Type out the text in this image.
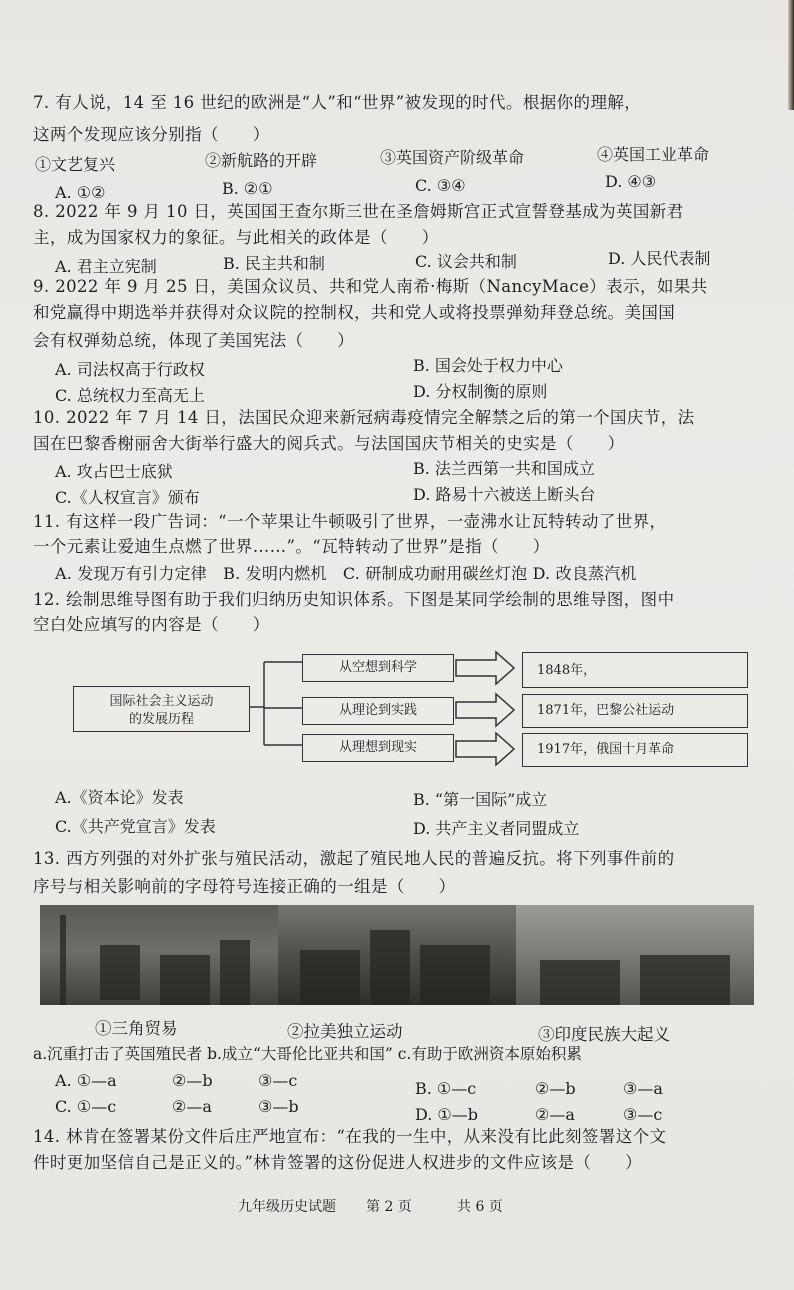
7. 有人说，14 至 16 世纪的欧洲是“人”和“世界”被发现的时代。根据你的理解，
这两个发现应该分别指（　　）
①文艺复兴	②新航路的开辟	③英国资产阶级革命	④英国工业革命
A. ①②	B. ②①	C. ③④	D. ④③
8. 2022 年 9 月 10 日，英国国王查尔斯三世在圣詹姆斯宫正式宣誓登基成为英国新君
主，成为国家权力的象征。与此相关的政体是（　　）
A. 君主立宪制	B. 民主共和制	C. 议会共和制	D. 人民代表制
9. 2022 年 9 月 25 日，美国众议员、共和党人南希·梅斯（NancyMace）表示，如果共
和党赢得中期选举并获得对众议院的控制权，共和党人或将投票弹劾拜登总统。美国国
会有权弹劾总统，体现了美国宪法（　　）
A. 司法权高于行政权	B. 国会处于权力中心
C. 总统权力至高无上	D. 分权制衡的原则
10. 2022 年 7 月 14 日，法国民众迎来新冠病毒疫情完全解禁之后的第一个国庆节，法
国在巴黎香榭丽舍大街举行盛大的阅兵式。与法国国庆节相关的史实是（　　）
A. 攻占巴士底狱	B. 法兰西第一共和国成立
C.《人权宣言》颁布	D. 路易十六被送上断头台
11. 有这样一段广告词：“一个苹果让牛顿吸引了世界，一壶沸水让瓦特转动了世界，
一个元素让爱迪生点燃了世界……”。“瓦特转动了世界”是指（　　）
A. 发现万有引力定律　B. 发明内燃机　C. 研制成功耐用碳丝灯泡 D. 改良蒸汽机
12. 绘制思维导图有助于我们归纳历史知识体系。下图是某同学绘制的思维导图，图中
空白处应填写的内容是（　　）
国际社会主义运动
的发展历程
从空想到科学
从理论到实践
从理想到现实
1848年，
1871年，巴黎公社运动
1917年，俄国十月革命
A.《资本论》发表	B. “第一国际”成立
C.《共产党宣言》发表	D. 共产主义者同盟成立
13. 西方列强的对外扩张与殖民活动，激起了殖民地人民的普遍反抗。将下列事件前的
序号与相关影响前的字母符号连接正确的一组是（　　）
①三角贸易	②拉美独立运动	③印度民族大起义
a.沉重打击了英国殖民者 b.成立“大哥伦比亚共和国” c.有助于欧洲资本原始积累
A. ①—a	②—b	③—c	B. ①—c	②—b	③—a
C. ①—c	②—a	③—b	D. ①—b	②—a	③—c
14. 林肯在签署某份文件后庄严地宣布：“在我的一生中，从来没有比此刻签署这个文
件时更加坚信自己是正义的。”林肯签署的这份促进人权进步的文件应该是（　　）
九年级历史试题 第 2 页	共 6 页
